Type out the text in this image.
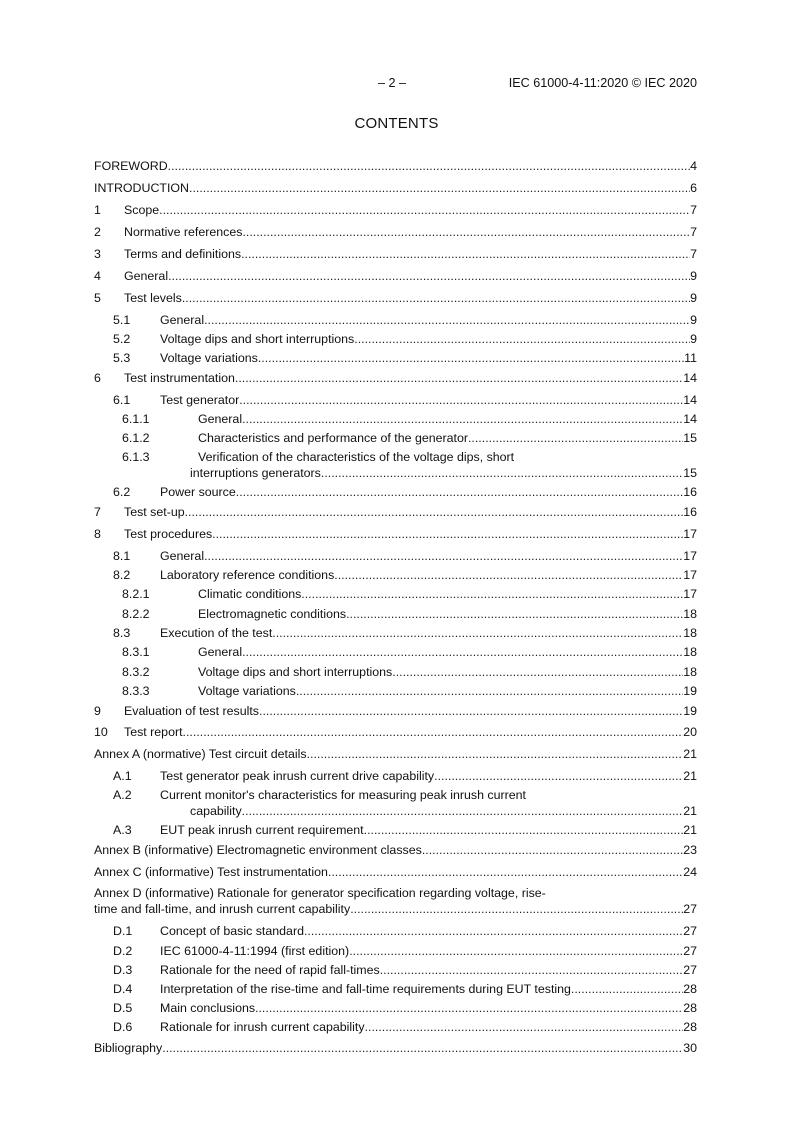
– 2 –	IEC 61000-4-11:2020 © IEC 2020
CONTENTS
FOREWORD .....	4
INTRODUCTION .....	6
1 Scope .....	7
2 Normative references .....	7
3 Terms and definitions .....	7
4 General .....	9
5 Test levels .....	9
5.1 General .....	9
5.2 Voltage dips and short interruptions .....	9
5.3 Voltage variations .....	11
6 Test instrumentation .....	14
6.1 Test generator .....	14
6.1.1	General .....	14
6.1.2	Characteristics and performance of the generator .....	15
6.1.3	Verification of the characteristics of the voltage dips, short
interruptions generators .....	15
6.2 Power source .....	16
7 Test set-up .....	16
8 Test procedures .....	17
8.1 General .....	17
8.2 Laboratory reference conditions .....	17
8.2.1	Climatic conditions .....	17
8.2.2	Electromagnetic conditions .....	18
8.3 Execution of the test .....	18
8.3.1	General .....	18
8.3.2	Voltage dips and short interruptions .....	18
8.3.3	Voltage variations .....	19
9 Evaluation of test results .....	19
10 Test report .....	20
Annex A (normative) Test circuit details .....	21
A.1 Test generator peak inrush current drive capability .....	21
A.2 Current monitor's characteristics for measuring peak inrush current
capability .....	21
A.3 EUT peak inrush current requirement .....	21
Annex B (informative) Electromagnetic environment classes .....	23
Annex C (informative) Test instrumentation .....	24
Annex D (informative) Rationale for generator specification regarding voltage, rise-
time and fall-time, and inrush current capability .....	27
D.1 Concept of basic standard .....	27
D.2 IEC 61000-4-11:1994 (first edition) .....	27
D.3 Rationale for the need of rapid fall-times .....	27
D.4 Interpretation of the rise-time and fall-time requirements during EUT testing .....	28
D.5 Main conclusions .....	28
D.6 Rationale for inrush current capability .....	28
Bibliography .....	30
